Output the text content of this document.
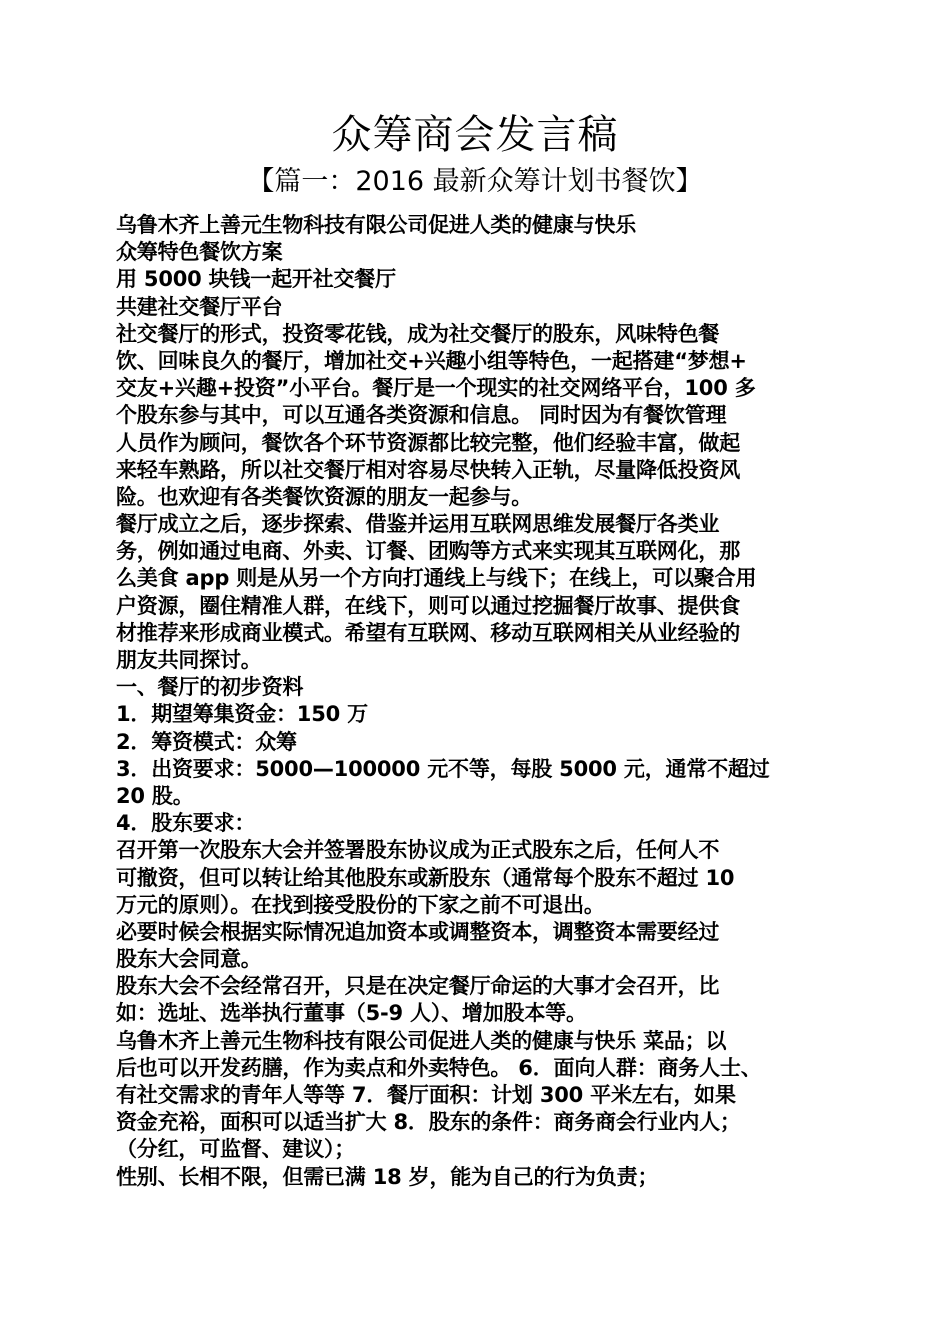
众筹商会发言稿
【篇一：2016 最新众筹计划书餐饮】
乌鲁木齐上善元生物科技有限公司促进人类的健康与快乐
众筹特色餐饮方案
用 5000 块钱一起开社交餐厅
共建社交餐厅平台
社交餐厅的形式，投资零花钱，成为社交餐厅的股东，风味特色餐
饮、回味良久的餐厅，增加社交+兴趣小组等特色，一起搭建“梦想+
交友+兴趣+投资”小平台。餐厅是一个现实的社交网络平台，100 多
个股东参与其中，可以互通各类资源和信息。 同时因为有餐饮管理
人员作为顾问，餐饮各个环节资源都比较完整，他们经验丰富，做起
来轻车熟路，所以社交餐厅相对容易尽快转入正轨，尽量降低投资风
险。也欢迎有各类餐饮资源的朋友一起参与。
餐厅成立之后，逐步探索、借鉴并运用互联网思维发展餐厅各类业
务，例如通过电商、外卖、订餐、团购等方式来实现其互联网化，那
么美食 app 则是从另一个方向打通线上与线下；在线上，可以聚合用
户资源，圈住精准人群，在线下，则可以通过挖掘餐厅故事、提供食
材推荐来形成商业模式。希望有互联网、移动互联网相关从业经验的
朋友共同探讨。
一、餐厅的初步资料
1．期望筹集资金：150 万
2．筹资模式：众筹
3．出资要求：5000—100000 元不等，每股 5000 元，通常不超过
20 股。
4．股东要求：
召开第一次股东大会并签署股东协议成为正式股东之后，任何人不
可撤资，但可以转让给其他股东或新股东（通常每个股东不超过 10
万元的原则）。在找到接受股份的下家之前不可退出。
必要时候会根据实际情况追加资本或调整资本，调整资本需要经过
股东大会同意。
股东大会不会经常召开，只是在决定餐厅命运的大事才会召开，比
如：选址、选举执行董事（5-9 人）、增加股本等。
乌鲁木齐上善元生物科技有限公司促进人类的健康与快乐 菜品；以
后也可以开发药膳，作为卖点和外卖特色。 6．面向人群：商务人士、
有社交需求的青年人等等 7．餐厅面积：计划 300 平米左右，如果
资金充裕，面积可以适当扩大 8．股东的条件：商务商会行业内人；
（分红，可监督、建议）；
性别、长相不限，但需已满 18 岁，能为自己的行为负责；
